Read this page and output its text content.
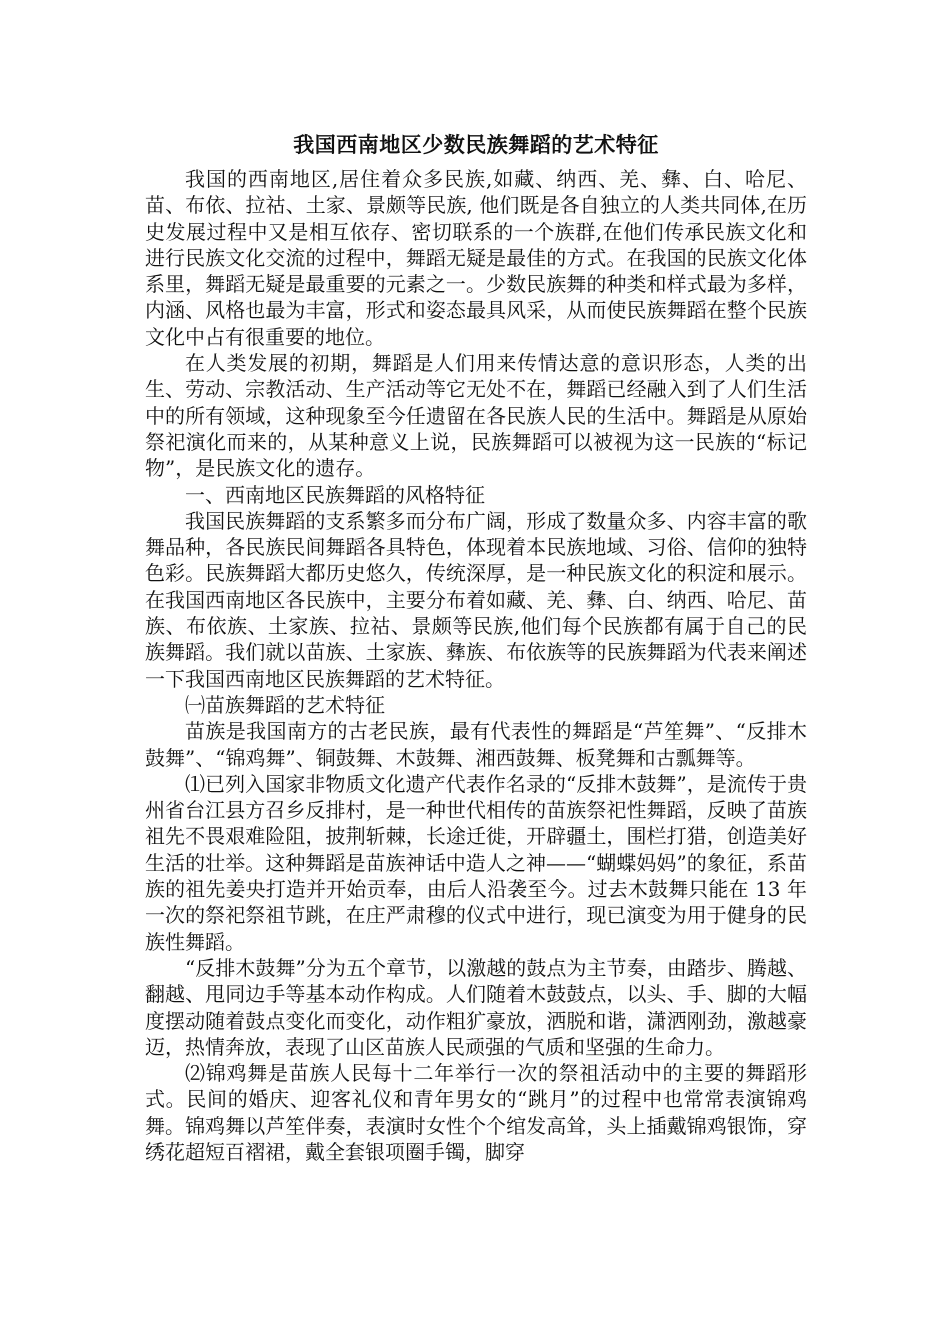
我国西南地区少数民族舞蹈的艺术特征

我国的西南地区,居住着众多民族,如藏、纳西、羌、彝、白、哈尼、苗、布依、拉祜、土家、景颇等民族, 他们既是各自独立的人类共同体,在历史发展过程中又是相互依存、密切联系的一个族群,在他们传承民族文化和进行民族文化交流的过程中，舞蹈无疑是最佳的方式。在我国的民族文化体系里，舞蹈无疑是最重要的元素之一。少数民族舞的种类和样式最为多样，内涵、风格也最为丰富，形式和姿态最具风采，从而使民族舞蹈在整个民族文化中占有很重要的地位。

在人类发展的初期，舞蹈是人们用来传情达意的意识形态，人类的出生、劳动、宗教活动、生产活动等它无处不在，舞蹈已经融入到了人们生活中的所有领域，这种现象至今任遗留在各民族人民的生活中。舞蹈是从原始祭祀演化而来的，从某种意义上说，民族舞蹈可以被视为这一民族的“标记物”，是民族文化的遗存。

一、西南地区民族舞蹈的风格特征

我国民族舞蹈的支系繁多而分布广阔，形成了数量众多、内容丰富的歌舞品种，各民族民间舞蹈各具特色，体现着本民族地域、习俗、信仰的独特色彩。民族舞蹈大都历史悠久，传统深厚，是一种民族文化的积淀和展示。在我国西南地区各民族中，主要分布着如藏、羌、彝、白、纳西、哈尼、苗族、布依族、土家族、拉祜、景颇等民族,他们每个民族都有属于自己的民族舞蹈。我们就以苗族、土家族、彝族、布依族等的民族舞蹈为代表来阐述一下我国西南地区民族舞蹈的艺术特征。

㈠苗族舞蹈的艺术特征

苗族是我国南方的古老民族，最有代表性的舞蹈是“芦笙舞”、“反排木鼓舞”、“锦鸡舞”、铜鼓舞、木鼓舞、湘西鼓舞、板凳舞和古瓢舞等。

⑴已列入国家非物质文化遗产代表作名录的“反排木鼓舞”，是流传于贵州省台江县方召乡反排村，是一种世代相传的苗族祭祀性舞蹈，反映了苗族祖先不畏艰难险阻，披荆斩棘，长途迁徙，开辟疆土，围栏打猎，创造美好生活的壮举。这种舞蹈是苗族神话中造人之神——“蝴蝶妈妈”的象征，系苗族的祖先姜央打造并开始贡奉，由后人沿袭至今。过去木鼓舞只能在 13 年一次的祭祀祭祖节跳，在庄严肃穆的仪式中进行，现已演变为用于健身的民族性舞蹈。

“反排木鼓舞”分为五个章节，以激越的鼓点为主节奏，由踏步、腾越、翻越、甩同边手等基本动作构成。人们随着木鼓鼓点，以头、手、脚的大幅度摆动随着鼓点变化而变化，动作粗犷豪放，洒脱和谐，潇洒刚劲，激越豪迈，热情奔放，表现了山区苗族人民顽强的气质和坚强的生命力。

⑵锦鸡舞是苗族人民每十二年举行一次的祭祖活动中的主要的舞蹈形式。民间的婚庆、迎客礼仪和青年男女的“跳月”的过程中也常常表演锦鸡舞。锦鸡舞以芦笙伴奏，表演时女性个个绾发高耸，头上插戴锦鸡银饰，穿绣花超短百褶裙，戴全套银项圈手镯，脚穿
